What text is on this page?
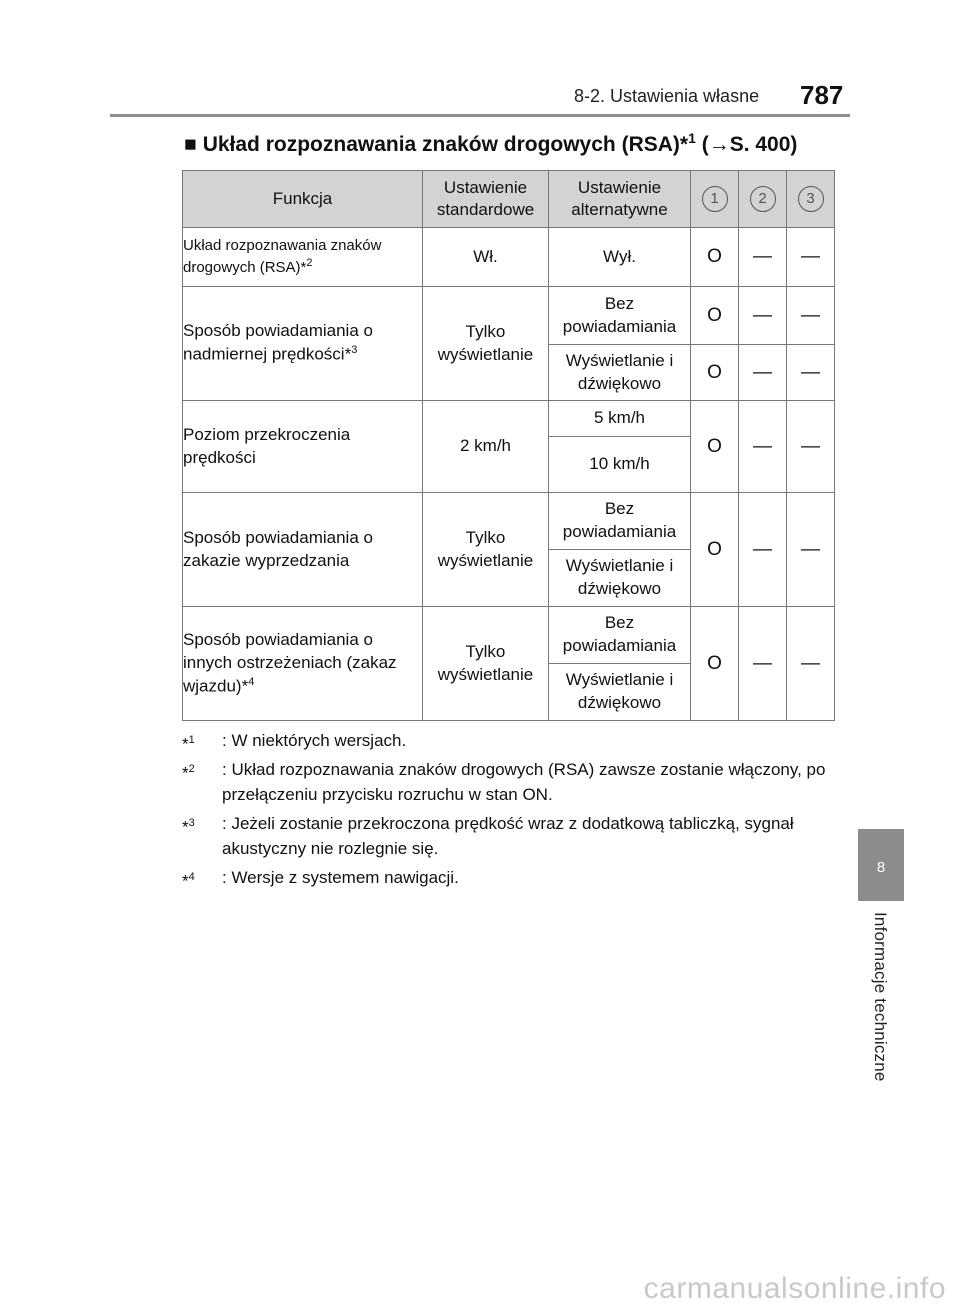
8-2. Ustawienia własne 787
8
Informacje techniczne
■ Układ rozpoznawania znaków drogowych (RSA)*$^1$ (→S. 400)
Funkcja	Ustawienie standardowe	Ustawienie alternatywne	1	2	3
Układ rozpoznawania znaków drogowych (RSA)*$^2$	Wł.	Wył.	O	—	—
Sposób powiadamiania o nadmiernej prędkości*$^3$	Tylko wyświetlanie	Bez powiadamiania	O	—	—
		Wyświetlanie i dźwiękowo	O	—	—
Poziom przekroczenia prędkości	2 km/h	5 km/h	O	—	—
		10 km/h			
Sposób powiadamiania o zakazie wyprzedzania	Tylko wyświetlanie	Bez powiadamiania	O	—	—
		Wyświetlanie i dźwiękowo			
Sposób powiadamiania o innych ostrzeżeniach (zakaz wjazdu)*$^4$	Tylko wyświetlanie	Bez powiadamiania	O	—	—
		Wyświetlanie i dźwiękowo			
*$^1$ : W niektórych wersjach.
*$^2$ : Układ rozpoznawania znaków drogowych (RSA) zawsze zostanie włączony, po przełączeniu przycisku rozruchu w stan ON.
*$^3$ : Jeżeli zostanie przekroczona prędkość wraz z dodatkową tabliczką, sygnał akustyczny nie rozlegnie się.
*$^4$ : Wersje z systemem nawigacji.
carmanualsonline.info
